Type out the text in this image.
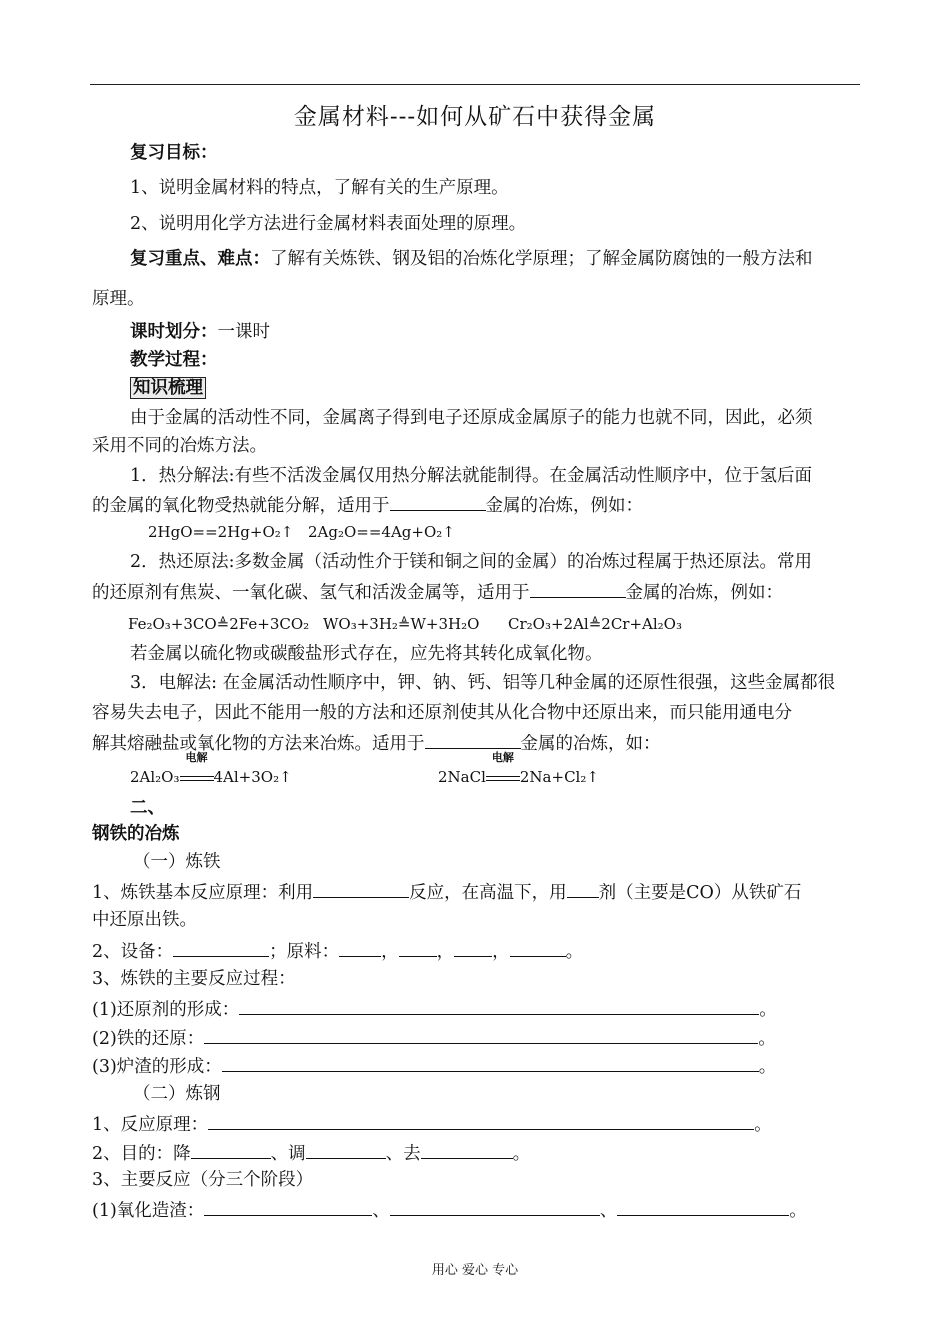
金属材料---如何从矿石中获得金属
复习目标：
1、说明金属材料的特点，了解有关的生产原理。
2、说明用化学方法进行金属材料表面处理的原理。
复习重点、难点：了解有关炼铁、钢及铝的冶炼化学原理；了解金属防腐蚀的一般方法和
原理。
课时划分：一课时
教学过程：
知识梳理
由于金属的活动性不同，金属离子得到电子还原成金属原子的能力也就不同，因此，必须
采用不同的冶炼方法。
1．热分解法:有些不活泼金属仅用热分解法就能制得。在金属活动性顺序中，位于氢后面
的金属的氧化物受热就能分解，适用于	金属的冶炼，例如：
2HgO==2Hg+O₂↑ 2Ag₂O==4Ag+O₂↑
2．热还原法:多数金属（活动性介于镁和铜之间的金属）的冶炼过程属于热还原法。常用
的还原剂有焦炭、一氧化碳、氢气和活泼金属等，适用于	金属的冶炼，例如：
Fe₂O₃+3CO≜2Fe+3CO₂ WO₃+3H₂≜W+3H₂O Cr₂O₃+2Al≜2Cr+Al₂O₃
若金属以硫化物或碳酸盐形式存在，应先将其转化成氧化物。
3．电解法: 在金属活动性顺序中，钾、钠、钙、铝等几种金属的还原性很强，这些金属都很
容易失去电子，因此不能用一般的方法和还原剂使其从化合物中还原出来，而只能用通电分
解其熔融盐或氧化物的方法来冶炼。适用于	金属的冶炼，如：
2Al₂O₃
电解
4Al+3O₂↑	2NaCl
电解
2Na+Cl₂↑
二、
钢铁的冶炼
（一）炼铁
1、炼铁基本反应原理：利用	反应，在高温下，用 剂（主要是CO）从铁矿石
中还原出铁。
2、设备：	；原料： ， ， ，	。
3、炼铁的主要反应过程：
(1)还原剂的形成：	。
(2)铁的还原：	。
(3)炉渣的形成：	。
（二）炼钢
1、反应原理：	。
2、目的：降	、调	、去	。
3、主要反应（分三个阶段）
(1)氧化造渣：	、	、	。
用心 爱心 专心
